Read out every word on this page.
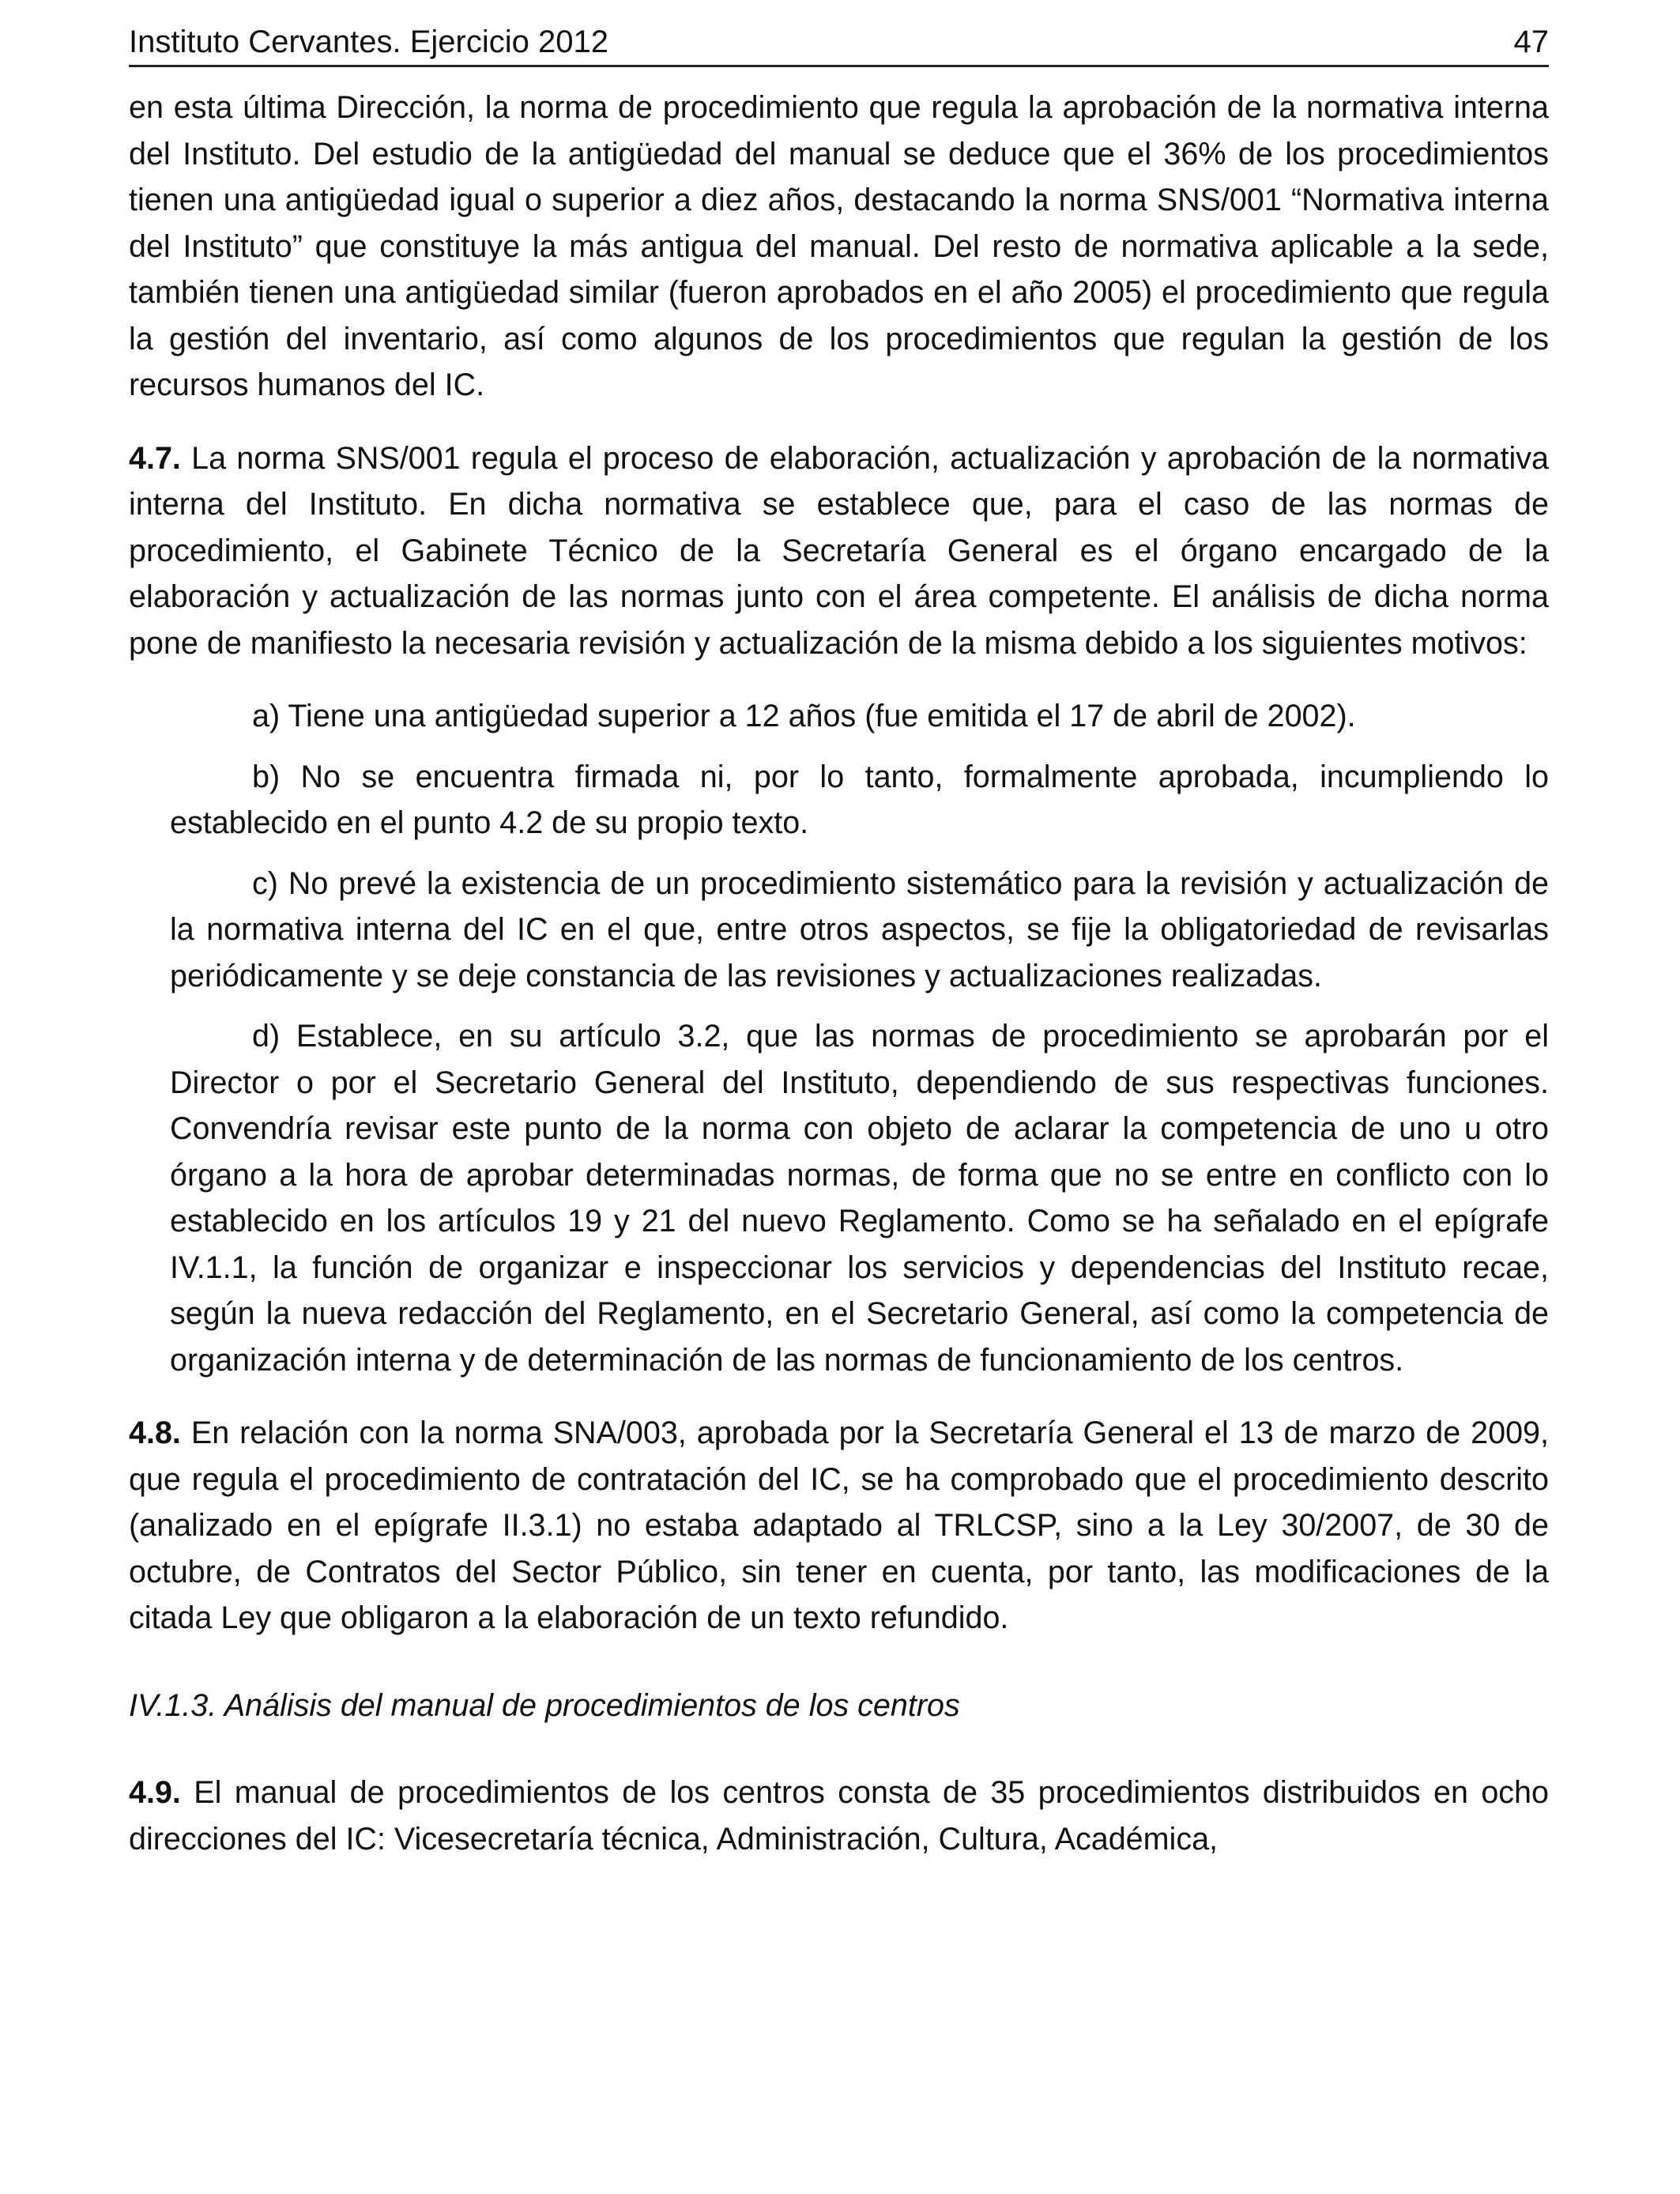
Instituto Cervantes. Ejercicio 2012	47

en esta última Dirección, la norma de procedimiento que regula la aprobación de la normativa interna del Instituto. Del estudio de la antigüedad del manual se deduce que el 36% de los procedimientos tienen una antigüedad igual o superior a diez años, destacando la norma SNS/001 “Normativa interna del Instituto” que constituye la más antigua del manual. Del resto de normativa aplicable a la sede, también tienen una antigüedad similar (fueron aprobados en el año 2005) el procedimiento que regula la gestión del inventario, así como algunos de los procedimientos que regulan la gestión de los recursos humanos del IC.

4.7. La norma SNS/001 regula el proceso de elaboración, actualización y aprobación de la normativa interna del Instituto. En dicha normativa se establece que, para el caso de las normas de procedimiento, el Gabinete Técnico de la Secretaría General es el órgano encargado de la elaboración y actualización de las normas junto con el área competente. El análisis de dicha norma pone de manifiesto la necesaria revisión y actualización de la misma debido a los siguientes motivos:

a) Tiene una antigüedad superior a 12 años (fue emitida el 17 de abril de 2002).

b) No se encuentra firmada ni, por lo tanto, formalmente aprobada, incumpliendo lo establecido en el punto 4.2 de su propio texto.

c) No prevé la existencia de un procedimiento sistemático para la revisión y actualización de la normativa interna del IC en el que, entre otros aspectos, se fije la obligatoriedad de revisarlas periódicamente y se deje constancia de las revisiones y actualizaciones realizadas.

d) Establece, en su artículo 3.2, que las normas de procedimiento se aprobarán por el Director o por el Secretario General del Instituto, dependiendo de sus respectivas funciones. Convendría revisar este punto de la norma con objeto de aclarar la competencia de uno u otro órgano a la hora de aprobar determinadas normas, de forma que no se entre en conflicto con lo establecido en los artículos 19 y 21 del nuevo Reglamento. Como se ha señalado en el epígrafe IV.1.1, la función de organizar e inspeccionar los servicios y dependencias del Instituto recae, según la nueva redacción del Reglamento, en el Secretario General, así como la competencia de organización interna y de determinación de las normas de funcionamiento de los centros.

4.8. En relación con la norma SNA/003, aprobada por la Secretaría General el 13 de marzo de 2009, que regula el procedimiento de contratación del IC, se ha comprobado que el procedimiento descrito (analizado en el epígrafe II.3.1) no estaba adaptado al TRLCSP, sino a la Ley 30/2007, de 30 de octubre, de Contratos del Sector Público, sin tener en cuenta, por tanto, las modificaciones de la citada Ley que obligaron a la elaboración de un texto refundido.

IV.1.3. Análisis del manual de procedimientos de los centros

4.9. El manual de procedimientos de los centros consta de 35 procedimientos distribuidos en ocho direcciones del IC: Vicesecretaría técnica, Administración, Cultura, Académica,
